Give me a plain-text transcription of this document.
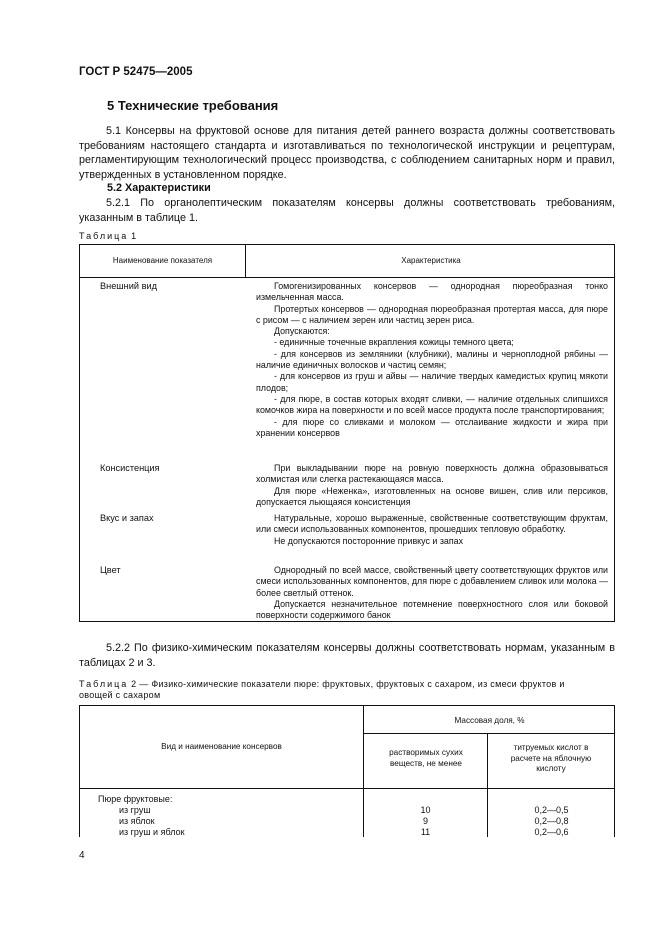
ГОСТ Р 52475—2005
5 Технические требования

5.1 Консервы на фруктовой основе для питания детей раннего возраста должны соответствовать требованиям настоящего стандарта и изготавливаться по технологической инструкции и рецептурам, регламентирующим технологический процесс производства, с соблюдением санитарных норм и правил, утвержденных в установленном порядке.

5.2 Характеристики

5.2.1 По органолептическим показателям консервы должны соответствовать требованиям, указанным в таблице 1.

Таблица 1
Наименование показателя	Характеристика
Внешний вид	Гомогенизированных консервов — однородная пюреобразная тонко измельченная масса.

Протертых консервов — однородная пюреобразная протертая масса, для пюре с рисом — с наличием зерен или частиц зерен риса.

Допускаются:

- единичные точечные вкрапления кожицы темного цвета;

- для консервов из земляники (клубники), малины и черноплодной рябины — наличие единичных волосков и частиц семян;

- для консервов из груш и айвы — наличие твердых камедистых крупиц мякоти плодов;

- для пюре, в состав которых входят сливки, — наличие отдельных слипшихся комочков жира на поверхности и по всей массе продукта после транспортирования;

- для пюре со сливками и молоком — отслаивание жидкости и жира при хранении консервов

Консистенция	При выкладывании пюре на ровную поверхность должна образовываться холмистая или слегка растекающаяся масса.

Для пюре «Неженка», изготовленных на основе вишен, слив или персиков, допускается льющаяся консистенция

Вкус и запах	Натуральные, хорошо выраженные, свойственные соответствующим фруктам, или смеси использованных компонентов, прошедших тепловую обработку.

Не допускаются посторонние привкус и запах

Цвет	Однородный по всей массе, свойственный цвету соответствующих фруктов или смеси использованных компонентов, для пюре с добавлением сливок или молока — более светлый оттенок.

Допускается незначительное потемнение поверхностного слоя или боковой поверхности содержимого банок

5.2.2 По физико-химическим показателям консервы должны соответствовать нормам, указанным в таблицах 2 и 3.

Таблица 2 — Физико-химические показатели пюре: фруктовых, фруктовых с сахаром, из смеси фруктов и
овощей с сахаром
Вид и наименование консервов
Массовая доля, %
растворимых сухих веществ, не менее
титруемых кислот в расчете на яблочную кислоту
Пюре фруктовые:
из груш	10	0,2—0,5
из яблок	9	0,2—0,8
из груш и яблок	11	0,2—0,6
4
